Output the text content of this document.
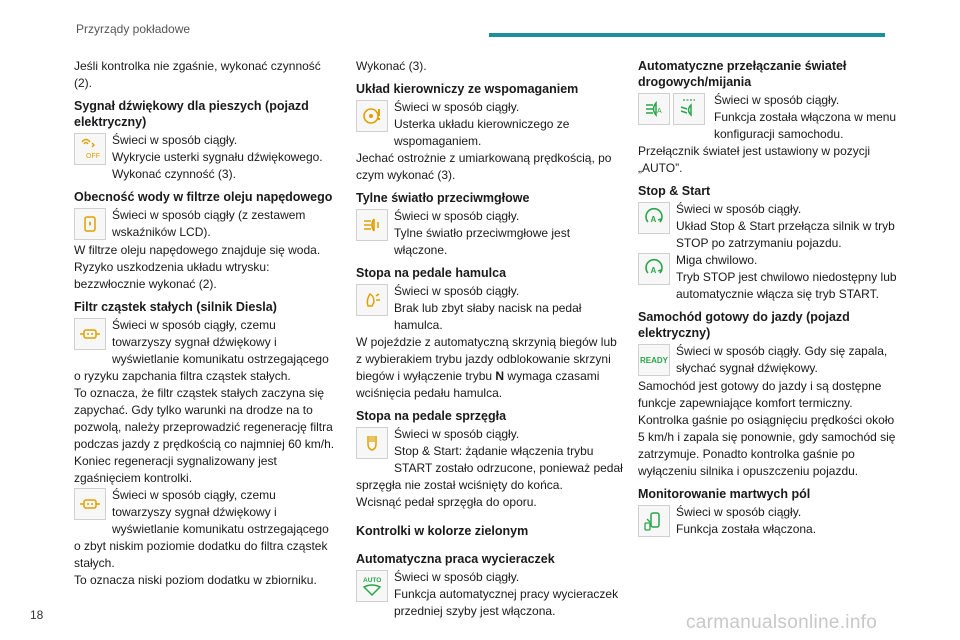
Przyrządy pokładowe

Jeśli kontrolka nie zgaśnie, wykonać czynność (2).

Sygnał dźwiękowy dla pieszych (pojazd elektryczny)
OFF
Świeci w sposób ciągły.
Wykrycie usterki sygnału dźwiękowego. Wykonać czynność (3).
Obecność wody w filtrze oleju napędowego
Świeci w sposób ciągły (z zestawem wskaźników LCD).

W filtrze oleju napędowego znajduje się woda. Ryzyko uszkodzenia układu wtrysku: bezzwłocznie wykonać (2).

Filtr cząstek stałych (silnik Diesla)
Świeci w sposób ciągły, czemu towarzyszy sygnał dźwiękowy i wyświetlanie komunikatu ostrzegającego o ryzyku zapchania filtra cząstek stałych.

To oznacza, że filtr cząstek stałych zaczyna się zapychać. Gdy tylko warunki na drodze na to pozwolą, należy przeprowadzić regenerację filtra podczas jazdy z prędkością co najmniej 60 km/h. Koniec regeneracji sygnalizowany jest zgaśnięciem kontrolki.

Świeci w sposób ciągły, czemu towarzyszy sygnał dźwiękowy i wyświetlanie komunikatu ostrzegającego o zbyt niskim poziomie dodatku do filtra cząstek stałych.

To oznacza niski poziom dodatku w zbiorniku.

Wykonać (3).

Układ kierowniczy ze wspomaganiem
Świeci w sposób ciągły.
Usterka układu kierowniczego ze wspomaganiem.

Jechać ostrożnie z umiarkowaną prędkością, po czym wykonać (3).

Tylne światło przeciwmgłowe
Świeci w sposób ciągły.
Tylne światło przeciwmgłowe jest włączone.
Stopa na pedale hamulca
Świeci w sposób ciągły.
Brak lub zbyt słaby nacisk na pedał hamulca.

W pojeździe z automatyczną skrzynią biegów lub z wybierakiem trybu jazdy odblokowanie skrzyni biegów i wyłączenie trybu N wymaga czasami wciśnięcia pedału hamulca.

Stopa na pedale sprzęgła
Świeci w sposób ciągły.
Stop & Start: żądanie włączenia trybu START zostało odrzucone, ponieważ pedał sprzęgła nie został wciśnięty do końca.

Wcisnąć pedał sprzęgła do oporu.

Kontrolki w kolorze zielonym
Automatyczna praca wycieraczek
AUTO	Świeci w sposób ciągły.
Funkcja automatycznej pracy wycieraczek przedniej szyby jest włączona.
Automatyczne przełączanie świateł drogowych/mijania
A
Świeci w sposób ciągły.
Funkcja została włączona w menu konfiguracji samochodu.

Przełącznik świateł jest ustawiony w pozycji „AUTO”.

Stop & Start
A
Świeci w sposób ciągły.
Układ Stop & Start przełącza silnik w tryb STOP po zatrzymaniu pojazdu.
A
Miga chwilowo.
Tryb STOP jest chwilowo niedostępny lub automatycznie włącza się tryb START.
Samochód gotowy do jazdy (pojazd elektryczny)
READY
Świeci w sposób ciągły. Gdy się zapala, słychać sygnał dźwiękowy.

Samochód jest gotowy do jazdy i są dostępne funkcje zapewniające komfort termiczny. Kontrolka gaśnie po osiągnięciu prędkości około 5 km/h i zapala się ponownie, gdy samochód się zatrzymuje. Ponadto kontrolka gaśnie po wyłączeniu silnika i opuszczeniu pojazdu.

Monitorowanie martwych pól
Świeci w sposób ciągły.
Funkcja została włączona.
18	carmanualsonline.info
